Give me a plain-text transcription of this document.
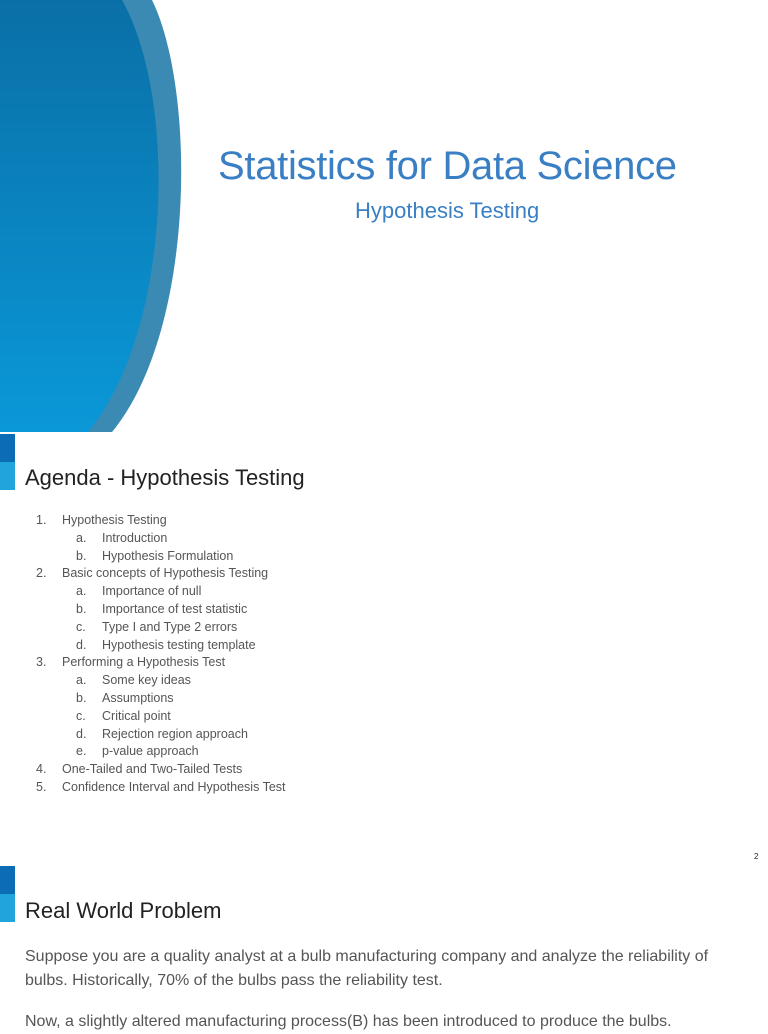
Statistics for Data Science
Hypothesis Testing
Agenda - Hypothesis Testing
1. Hypothesis Testing
a. Introduction
b. Hypothesis Formulation
2. Basic concepts of Hypothesis Testing
a. Importance of null
b. Importance of test statistic
c. Type I and Type 2 errors
d. Hypothesis testing template
3. Performing a Hypothesis Test
a. Some key ideas
b. Assumptions
c. Critical point
d. Rejection region approach
e. p-value approach
4. One-Tailed and Two-Tailed Tests
5. Confidence Interval and Hypothesis Test
2
Real World Problem

Suppose you are a quality analyst at a bulb manufacturing company and analyze the reliability of bulbs. Historically, 70% of the bulbs pass the reliability test.

Now, a slightly altered manufacturing process(B) has been introduced to produce the bulbs.
